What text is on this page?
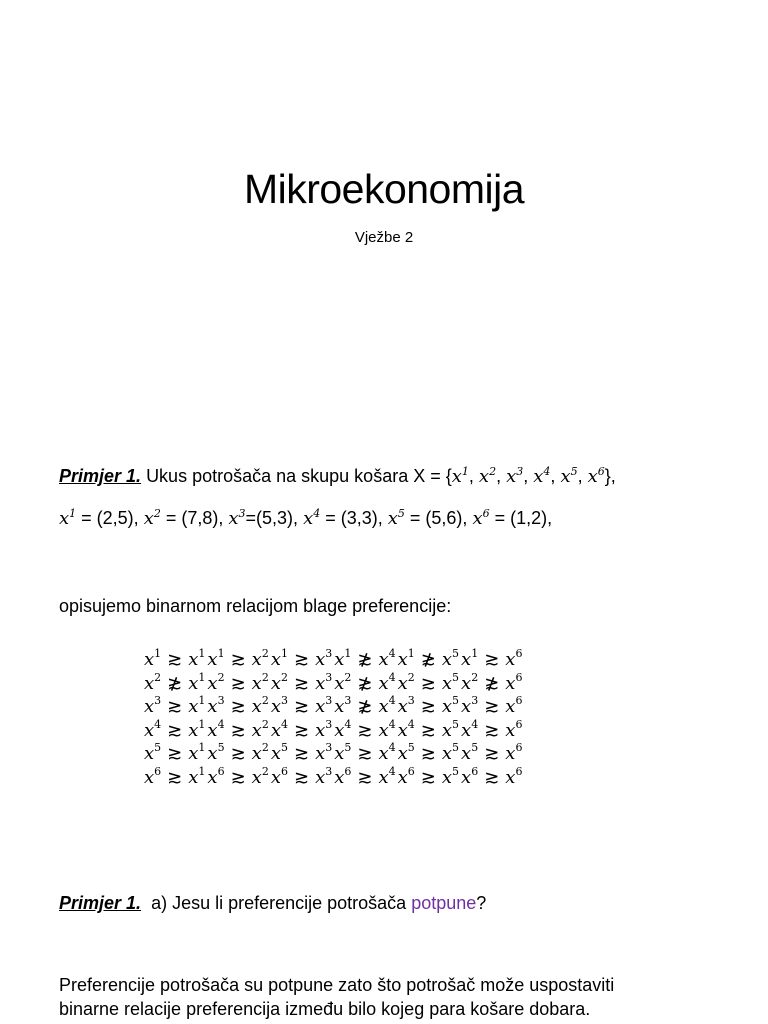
Mikroekonomija
Vježbe 2
Primjer 1. Ukus potrošača na skupu košara $X = \{x^1$, $x^2$, $x^3$, $x^4$, $x^5$, $x^6$},
$x^1 = (2,5)$, $x^2 = (7,8)$, $x^3=(5,3)$, $x^4 = (3,3)$, $x^5 = (5,6)$, $x^6 = (1,2)$,
opisujemo binarnom relacijom blage preferencije:
$x^1$ ≳ $x^1$ $x^1$ ≳ $x^2$ $x^1$ ≳ $x^3$ $x^1$ ≵ $x^4$ $x^1$ ≵ $x^5$ $x^1$ ≳ $x^6$
$x^2$ ≵ $x^1$ $x^2$ ≳ $x^2$ $x^2$ ≳ $x^3$ $x^2$ ≵ $x^4$ $x^2$ ≳ $x^5$ $x^2$ ≵ $x^6$
$x^3$ ≳ $x^1$ $x^3$ ≳ $x^2$ $x^3$ ≳ $x^3$ $x^3$ ≵ $x^4$ $x^3$ ≳ $x^5$ $x^3$ ≳ $x^6$
$x^4$ ≳ $x^1$ $x^4$ ≳ $x^2$ $x^4$ ≳ $x^3$ $x^4$ ≳ $x^4$ $x^4$ ≳ $x^5$ $x^4$ ≳ $x^6$
$x^5$ ≳ $x^1$ $x^5$ ≳ $x^2$ $x^5$ ≳ $x^3$ $x^5$ ≳ $x^4$ $x^5$ ≳ $x^5$ $x^5$ ≳ $x^6$
$x^6$ ≳ $x^1$ $x^6$ ≳ $x^2$ $x^6$ ≳ $x^3$ $x^6$ ≳ $x^4$ $x^6$ ≳ $x^5$ $x^6$ ≳ $x^6$
Primjer 1. a) Jesu li preferencije potrošača potpune?
Preferencije potrošača su potpune zato što potrošač može uspostaviti
binarne relacije preferencija između bilo kojeg para košare dobara.
